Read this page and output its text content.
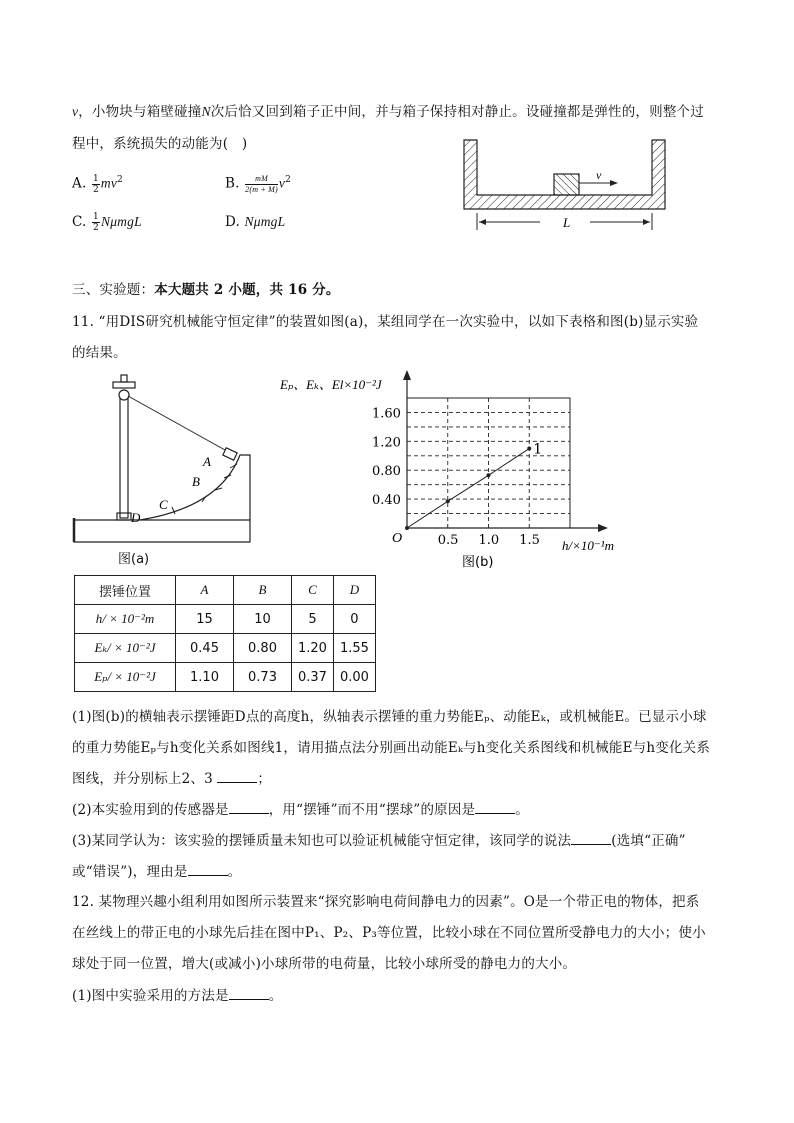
v，小物块与箱壁碰撞N次后恰又回到箱子正中间，并与箱子保持相对静止。设碰撞都是弹性的，则整个过
程中，系统损失的动能为(　)
A. $\frac{1}{2} mv^2$	B. $\frac{mM}{2(m + M)} v^2$
C. $\frac{1}{2}$ NμmgL	D. NμmgL
v
L
三、实验题：本大题共 2 小题，共 16 分。
11. “用DIS研究机械能守恒定律”的装置如图(a)，某组同学在一次实验中，以如下表格和图(b)显示实验
的结果。
A
B
C
D
图(a)
0.5 1.0 1.5
0.40
0.80
1.20
1.60
1
Eₚ、Eₖ、El×10⁻²J
h/×10⁻¹m
O
图(b)
摆锤位置	A	B	C	D
h/ × 10⁻²m	15	10	5	0
Eₖ/ × 10⁻²J	0.45	0.80	1.20	1.55
Eₚ/ × 10⁻²J	1.10	0.73	0.37	0.00
(1)图(b)的横轴表示摆锤距D点的高度h，纵轴表示摆锤的重力势能Eₚ、动能Eₖ，或机械能E。已显示小球
的重力势能Eₚ与h变化关系如图线1，请用描点法分别画出动能Eₖ与h变化关系图线和机械能E与h变化关系
图线，并分别标上2、3	；
(2)本实验用到的传感器是	，用“摆锤”而不用“摆球”的原因是	。
(3)某同学认为：该实验的摆锤质量未知也可以验证机械能守恒定律，该同学的说法	(选填“正确”
或“错误”)，理由是	。
12. 某物理兴趣小组利用如图所示装置来“探究影响电荷间静电力的因素”。O是一个带正电的物体，把系
在丝线上的带正电的小球先后挂在图中P₁、P₂、P₃等位置，比较小球在不同位置所受静电力的大小；使小
球处于同一位置，增大(或减小)小球所带的电荷量，比较小球所受的静电力的大小。
(1)图中实验采用的方法是	。
